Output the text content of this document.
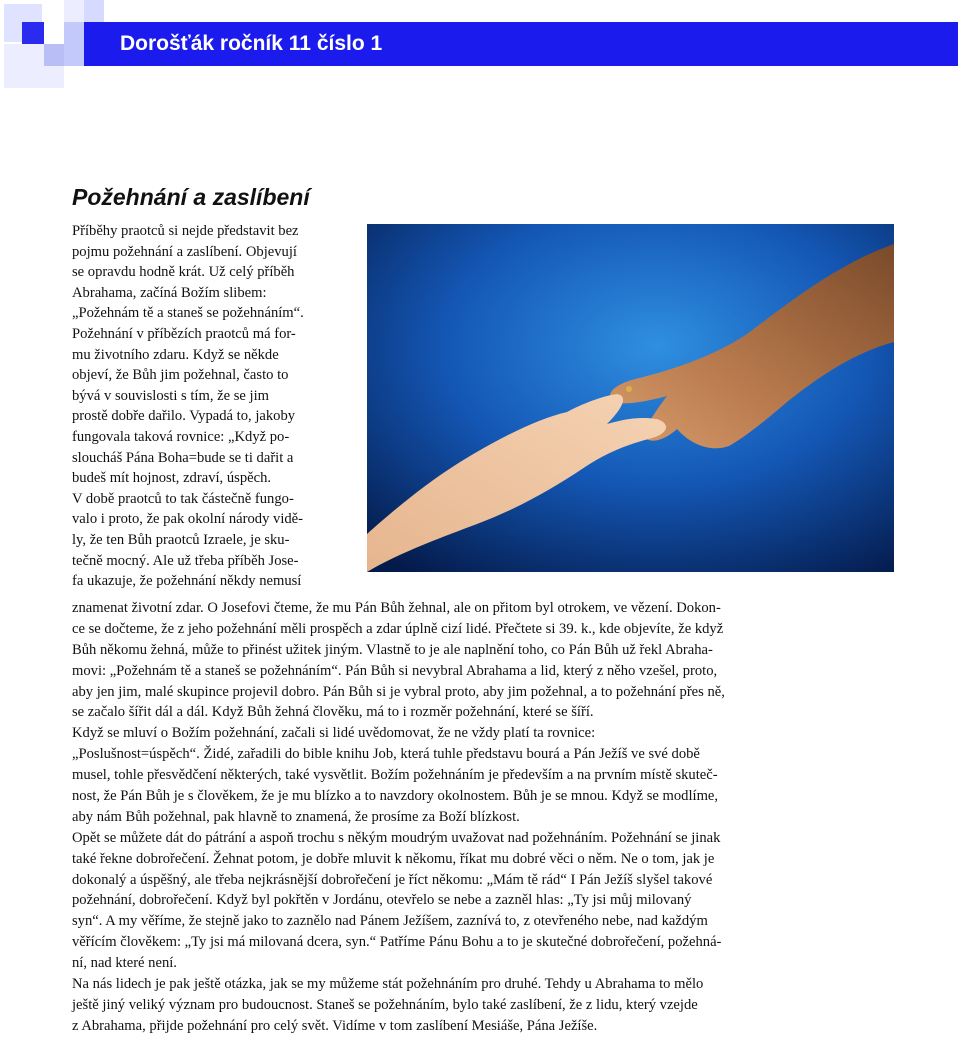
Dorošťák ročník 11 číslo 1
Požehnání a zaslíbení

Příběhy praotců si nejde představit bez
pojmu požehnání a zaslíbení. Objevují
se opravdu hodně krát. Už celý příběh
Abrahama, začíná Božím slibem:
„Požehnám tě a staneš se požehnáním“.
Požehnání v příbězích praotců má for-
mu životního zdaru. Když se někde
objeví, že Bůh jim požehnal, často to
bývá v souvislosti s tím, že se jim
prostě dobře dařilo. Vypadá to, jakoby
fungovala taková rovnice: „Když po-
sloucháš Pána Boha=bude se ti dařit a
budeš mít hojnost, zdraví, úspěch.
V době praotců to tak částečně fungo-
valo i proto, že pak okolní národy vidě-
ly, že ten Bůh praotců Izraele, je sku-
tečně mocný. Ale už třeba příběh Jose-
fa ukazuje, že požehnání někdy nemusí

znamenat životní zdar. O Josefovi čteme, že mu Pán Bůh žehnal, ale on přitom byl otrokem, ve vězení. Dokon-
ce se dočteme, že z jeho požehnání měli prospěch a zdar úplně cizí lidé. Přečtete si 39. k., kde objevíte, že když
Bůh někomu žehná, může to přinést užitek jiným. Vlastně to je ale naplnění toho, co Pán Bůh už řekl Abraha-
movi: „Požehnám tě a staneš se požehnáním“. Pán Bůh si nevybral Abrahama a lid, který z něho vzešel, proto,
aby jen jim, malé skupince projevil dobro. Pán Bůh si je vybral proto, aby jim požehnal, a to požehnání přes ně,
se začalo šířit dál a dál. Když Bůh žehná člověku, má to i rozměr požehnání, které se šíří.
Když se mluví o Božím požehnání, začali si lidé uvědomovat, že ne vždy platí ta rovnice:
„Poslušnost=úspěch“. Židé, zařadili do bible knihu Job, která tuhle představu bourá a Pán Ježíš ve své době
musel, tohle přesvědčení některých, také vysvětlit. Božím požehnáním je především a na prvním místě skuteč-
nost, že Pán Bůh je s člověkem, že je mu blízko a to navzdory okolnostem. Bůh je se mnou. Když se modlíme,
aby nám Bůh požehnal, pak hlavně to znamená, že prosíme za Boží blízkost.
Opět se můžete dát do pátrání a aspoň trochu s někým moudrým uvažovat nad požehnáním. Požehnání se jinak
také řekne dobrořečení. Žehnat potom, je dobře mluvit k někomu, říkat mu dobré věci o něm. Ne o tom, jak je
dokonalý a úspěšný, ale třeba nejkrásnější dobrořečení je říct někomu: „Mám tě rád“ I Pán Ježíš slyšel takové
požehnání, dobrořečení. Když byl pokřtěn v Jordánu, otevřelo se nebe a zazněl hlas: „Ty jsi můj milovaný
syn“. A my věříme, že stejně jako to zaznělo nad Pánem Ježíšem, zaznívá to, z otevřeného nebe, nad každým
věřícím člověkem: „Ty jsi má milovaná dcera, syn.“ Patříme Pánu Bohu a to je skutečné dobrořečení, požehná-
ní, nad které není.
Na nás lidech je pak ještě otázka, jak se my můžeme stát požehnáním pro druhé. Tehdy u Abrahama to mělo
ještě jiný veliký význam pro budoucnost. Staneš se požehnáním, bylo také zaslíbení, že z lidu, který vzejde
z Abrahama, přijde požehnání pro celý svět. Vidíme v tom zaslíbení Mesiáše, Pána Ježíše.
